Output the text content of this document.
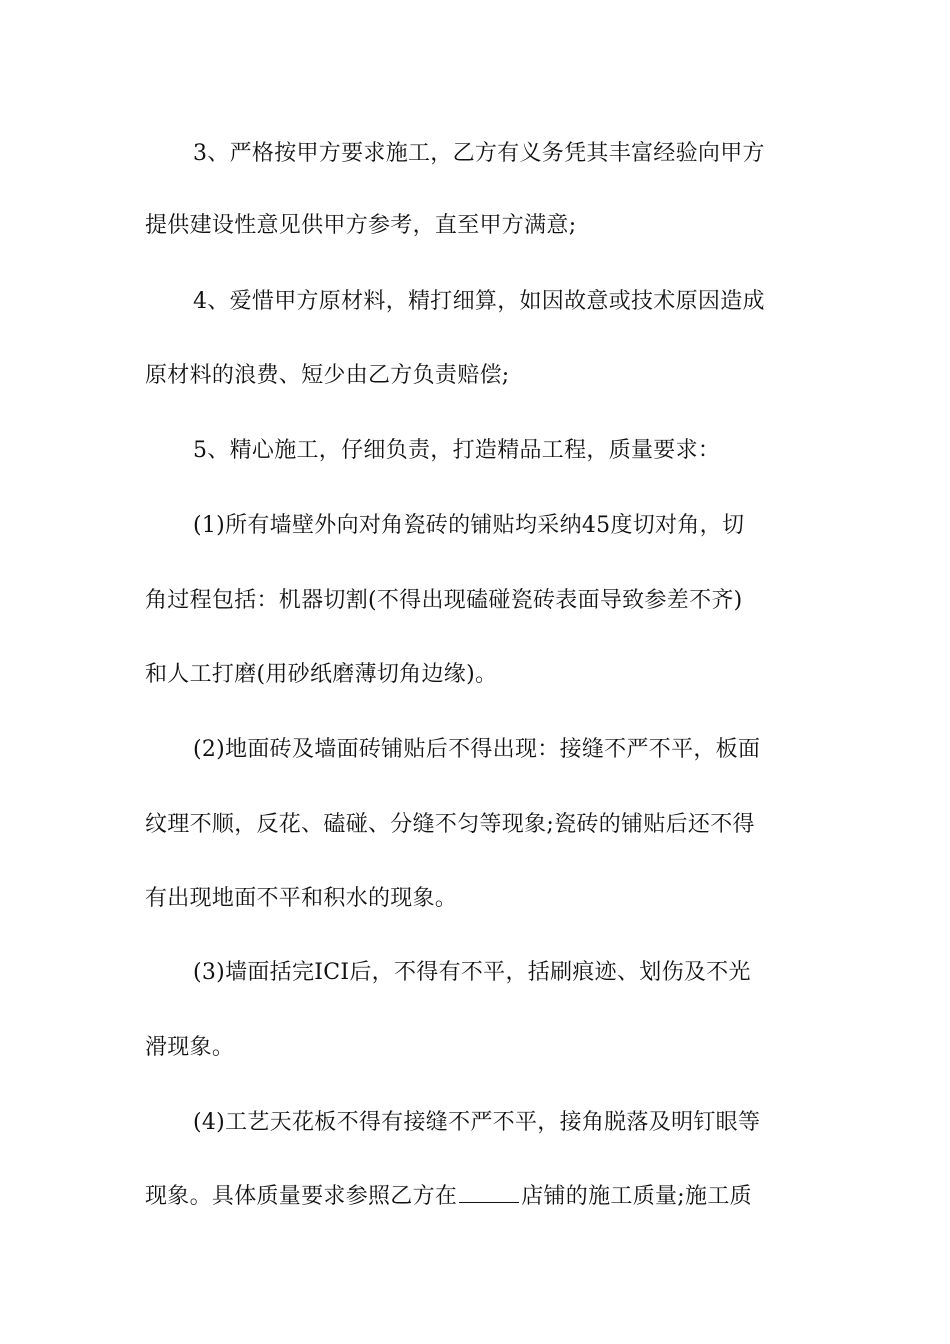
3、严格按甲方要求施工，乙方有义务凭其丰富经验向甲方
提供建设性意见供甲方参考，直至甲方满意;
4、爱惜甲方原材料，精打细算，如因故意或技术原因造成
原材料的浪费、短少由乙方负责赔偿;
5、精心施工，仔细负责，打造精品工程，质量要求：
(1)所有墙壁外向对角瓷砖的铺贴均采纳45度切对角，切
角过程包括：机器切割(不得出现磕碰瓷砖表面导致参差不齐)
和人工打磨(用砂纸磨薄切角边缘)。
(2)地面砖及墙面砖铺贴后不得出现：接缝不严不平，板面
纹理不顺，反花、磕碰、分缝不匀等现象;瓷砖的铺贴后还不得
有出现地面不平和积水的现象。
(3)墙面括完ICI后，不得有不平，括刷痕迹、划伤及不光
滑现象。
(4)工艺天花板不得有接缝不严不平，接角脱落及明钉眼等
现象。具体质量要求参照乙方在	店铺的施工质量;施工质
